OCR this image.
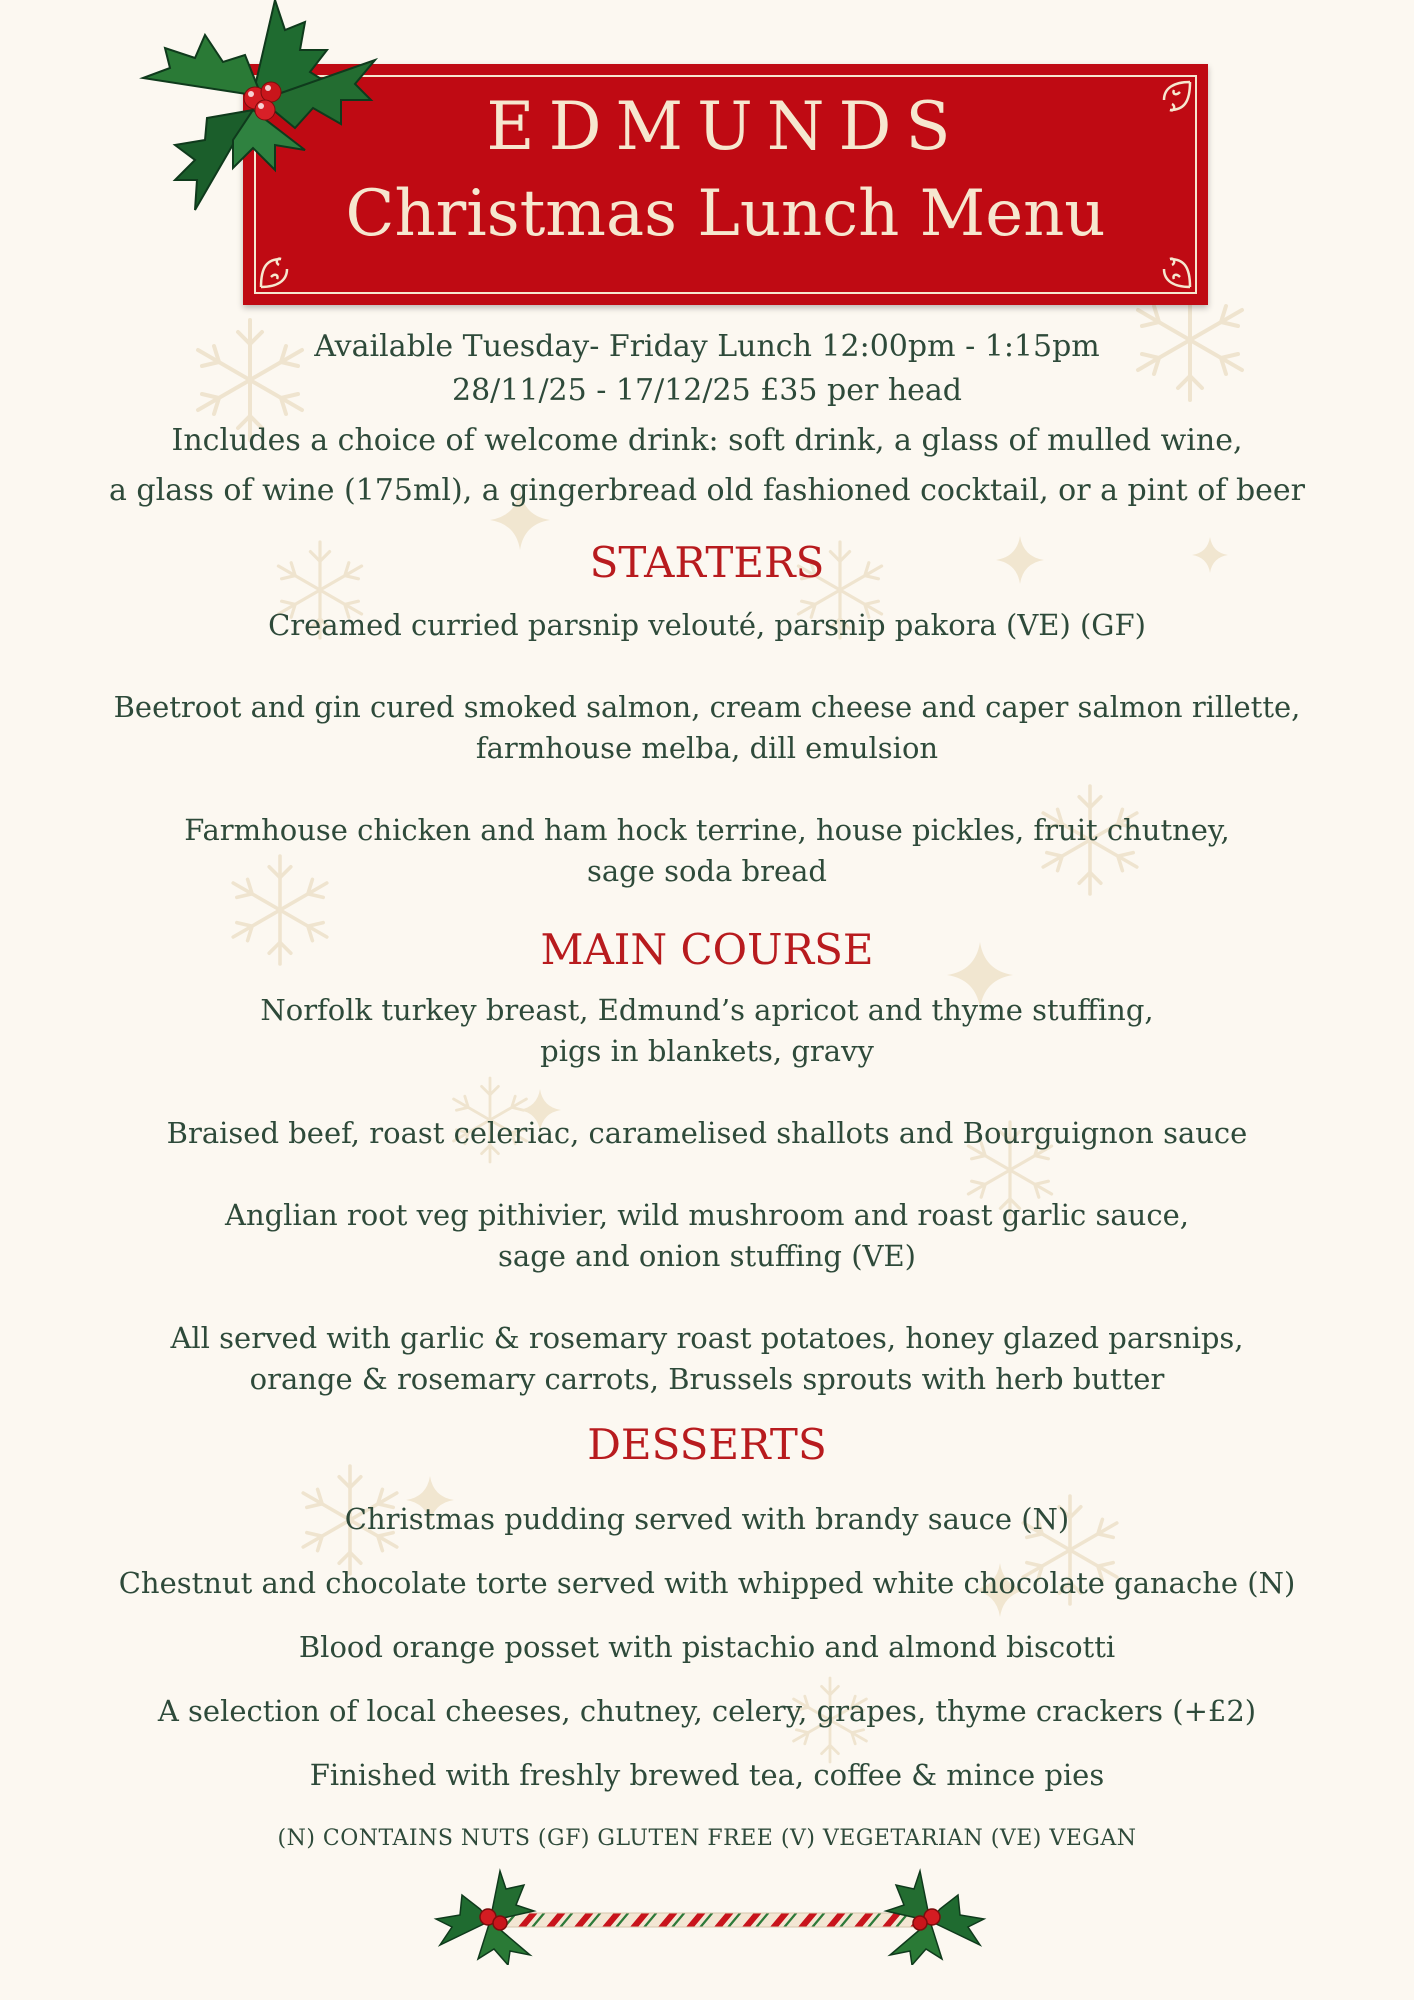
EDMUNDS
Christmas Lunch Menu
Available Tuesday- Friday Lunch 12:00pm - 1:15pm
28/11/25 - 17/12/25 £35 per head
Includes a choice of welcome drink: soft drink, a glass of mulled wine,
a glass of wine (175ml), a gingerbread old fashioned cocktail, or a pint of beer
STARTERS
Creamed curried parsnip velouté, parsnip pakora (VE) (GF)
Beetroot and gin cured smoked salmon, cream cheese and caper salmon rillette,
farmhouse melba, dill emulsion
Farmhouse chicken and ham hock terrine, house pickles, fruit chutney,
sage soda bread
MAIN COURSE
Norfolk turkey breast, Edmund’s apricot and thyme stuffing,
pigs in blankets, gravy
Braised beef, roast celeriac, caramelised shallots and Bourguignon sauce
Anglian root veg pithivier, wild mushroom and roast garlic sauce,
sage and onion stuffing (VE)
All served with garlic & rosemary roast potatoes, honey glazed parsnips,
orange & rosemary carrots, Brussels sprouts with herb butter
DESSERTS
Christmas pudding served with brandy sauce (N)
Chestnut and chocolate torte served with whipped white chocolate ganache (N)
Blood orange posset with pistachio and almond biscotti
A selection of local cheeses, chutney, celery, grapes, thyme crackers (+£2)
Finished with freshly brewed tea, coffee & mince pies
(N) CONTAINS NUTS (GF) GLUTEN FREE (V) VEGETARIAN (VE) VEGAN
